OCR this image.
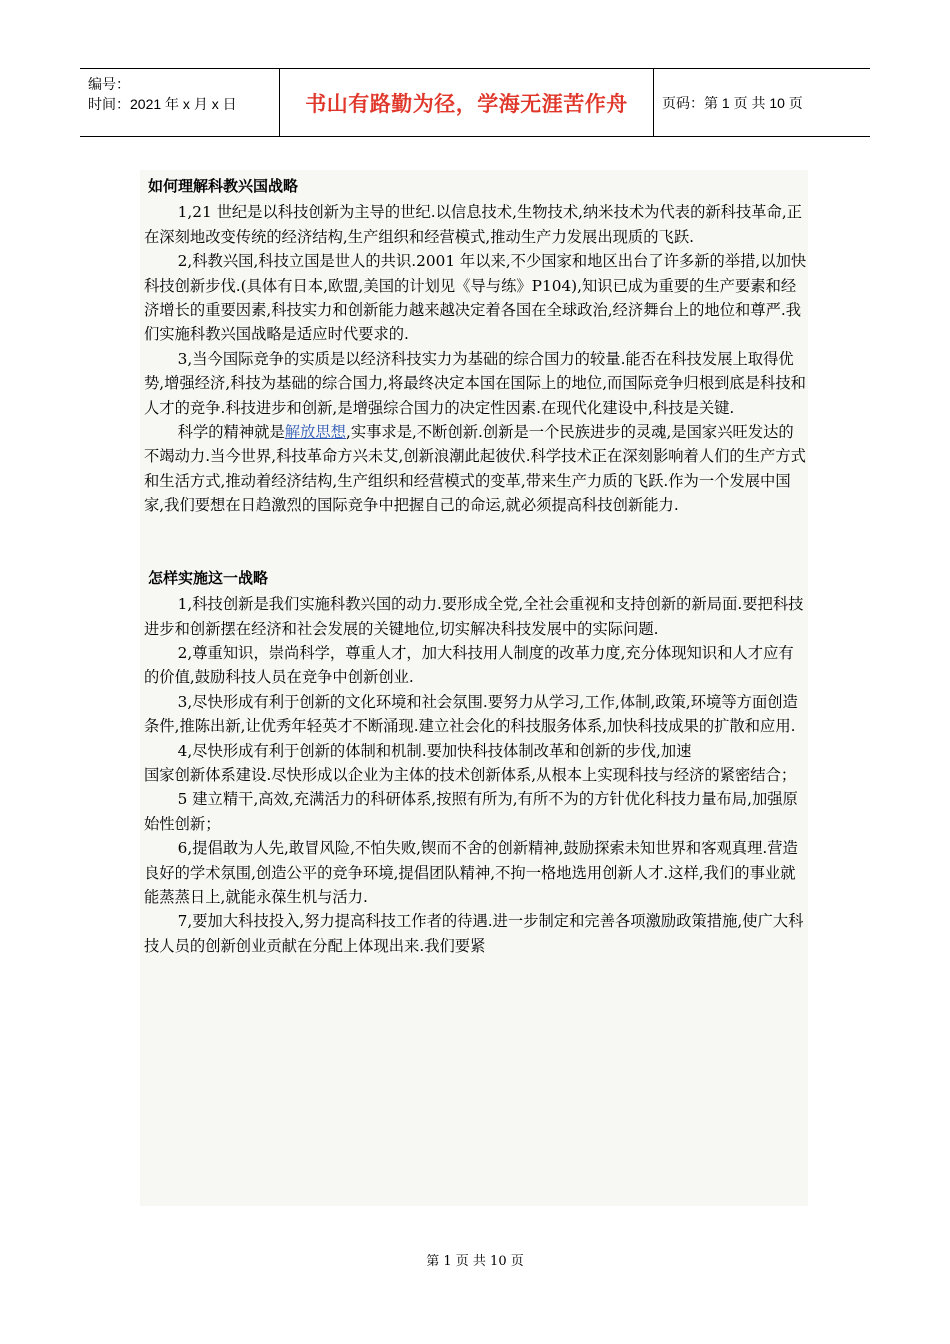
编号：
时间：2021 年 x 月 x 日	书山有路勤为径，学海无涯苦作舟	页码：第 1 页 共 10 页
如何理解科教兴国战略

1,21 世纪是以科技创新为主导的世纪.以信息技术,生物技术,纳米技术为代表的新科技革命,正在深刻地改变传统的经济结构,生产组织和经营模式,推动生产力发展出现质的飞跃.

2,科教兴国,科技立国是世人的共识.2001 年以来,不少国家和地区出台了许多新的举措,以加快科技创新步伐.(具体有日本,欧盟,美国的计划见《导与练》P104),知识已成为重要的生产要素和经济增长的重要因素,科技实力和创新能力越来越决定着各国在全球政治,经济舞台上的地位和尊严.我们实施科教兴国战略是适应时代要求的.

3,当今国际竞争的实质是以经济科技实力为基础的综合国力的较量.能否在科技发展上取得优势,增强经济,科技为基础的综合国力,将最终决定本国在国际上的地位,而国际竞争归根到底是科技和人才的竞争.科技进步和创新,是增强综合国力的决定性因素.在现代化建设中,科技是关键.

科学的精神就是解放思想,实事求是,不断创新.创新是一个民族进步的灵魂,是国家兴旺发达的不竭动力.当今世界,科技革命方兴未艾,创新浪潮此起彼伏.科学技术正在深刻影响着人们的生产方式和生活方式,推动着经济结构,生产组织和经营模式的变革,带来生产力质的飞跃.作为一个发展中国家,我们要想在日趋激烈的国际竞争中把握自己的命运,就必须提高科技创新能力.

怎样实施这一战略

1,科技创新是我们实施科教兴国的动力.要形成全党,全社会重视和支持创新的新局面.要把科技进步和创新摆在经济和社会发展的关键地位,切实解决科技发展中的实际问题.

2,尊重知识，崇尚科学，尊重人才，加大科技用人制度的改革力度,充分体现知识和人才应有的价值,鼓励科技人员在竞争中创新创业.

3,尽快形成有利于创新的文化环境和社会氛围.要努力从学习,工作,体制,政策,环境等方面创造条件,推陈出新,让优秀年轻英才不断涌现.建立社会化的科技服务体系,加快科技成果的扩散和应用.

4,尽快形成有利于创新的体制和机制.要加快科技体制改革和创新的步伐,加速

国家创新体系建设.尽快形成以企业为主体的技术创新体系,从根本上实现科技与经济的紧密结合；

5 建立精干,高效,充满活力的科研体系,按照有所为,有所不为的方针优化科技力量布局,加强原始性创新；

6,提倡敢为人先,敢冒风险,不怕失败,锲而不舍的创新精神,鼓励探索未知世界和客观真理.营造良好的学术氛围,创造公平的竞争环境,提倡团队精神,不拘一格地选用创新人才.这样,我们的事业就能蒸蒸日上,就能永葆生机与活力.

7,要加大科技投入,努力提高科技工作者的待遇.进一步制定和完善各项激励政策措施,使广大科技人员的创新创业贡献在分配上体现出来.我们要紧

第 1 页 共 10 页
